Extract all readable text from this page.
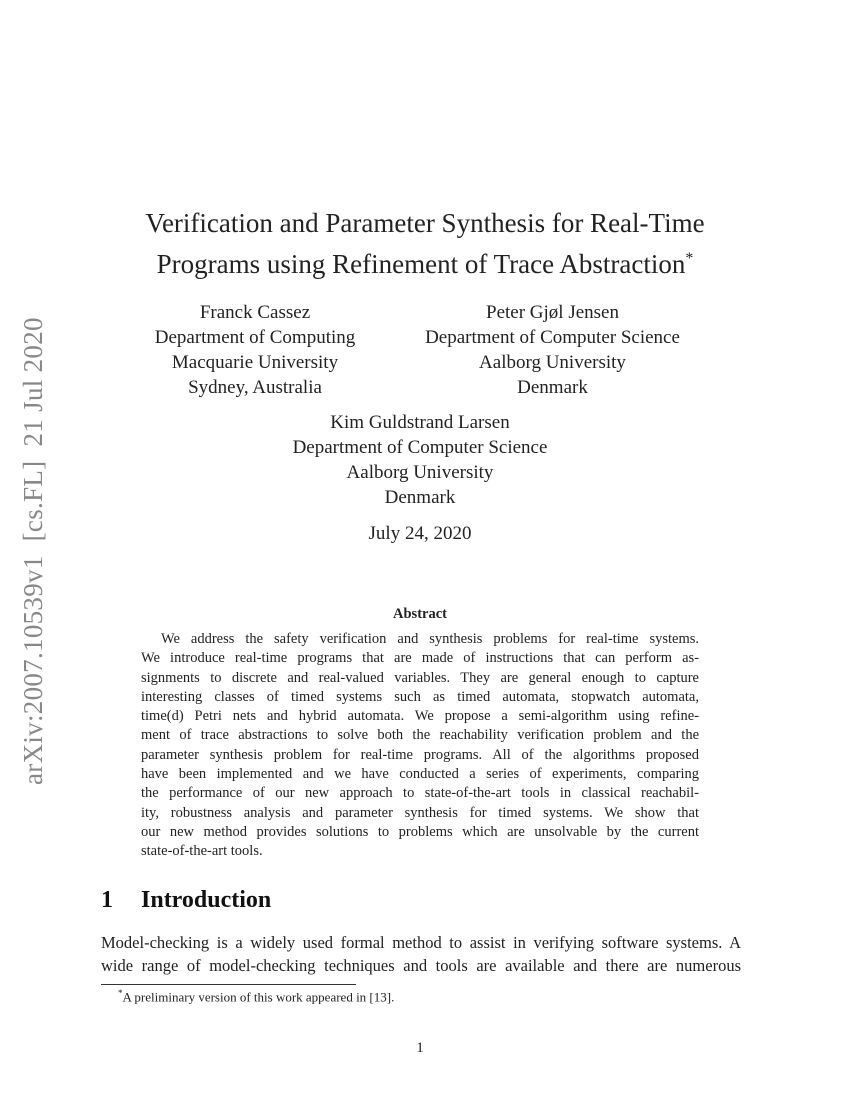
arXiv:2007.10539v1[cs.FL]21 Jul 2020
Verification and Parameter Synthesis for Real-Time
Programs using Refinement of Trace Abstraction*
Franck Cassez
Department of Computing
Macquarie University
Sydney, Australia
Peter Gjøl Jensen
Department of Computer Science
Aalborg University
Denmark
Kim Guldstrand Larsen
Department of Computer Science
Aalborg University
Denmark
July 24, 2020
Abstract
We address the safety verification and synthesis problems for real-time systems.
We introduce real-time programs that are made of instructions that can perform as-
signments to discrete and real-valued variables. They are general enough to capture
interesting classes of timed systems such as timed automata, stopwatch automata,
time(d) Petri nets and hybrid automata. We propose a semi-algorithm using refine-
ment of trace abstractions to solve both the reachability verification problem and the
parameter synthesis problem for real-time programs. All of the algorithms proposed
have been implemented and we have conducted a series of experiments, comparing
the performance of our new approach to state-of-the-art tools in classical reachabil-
ity, robustness analysis and parameter synthesis for timed systems. We show that
our new method provides solutions to problems which are unsolvable by the current
state-of-the-art tools.
1 Introduction
Model-checking is a widely used formal method to assist in verifying software systems. A
wide range of model-checking techniques and tools are available and there are numerous
*A preliminary version of this work appeared in [13].
1
